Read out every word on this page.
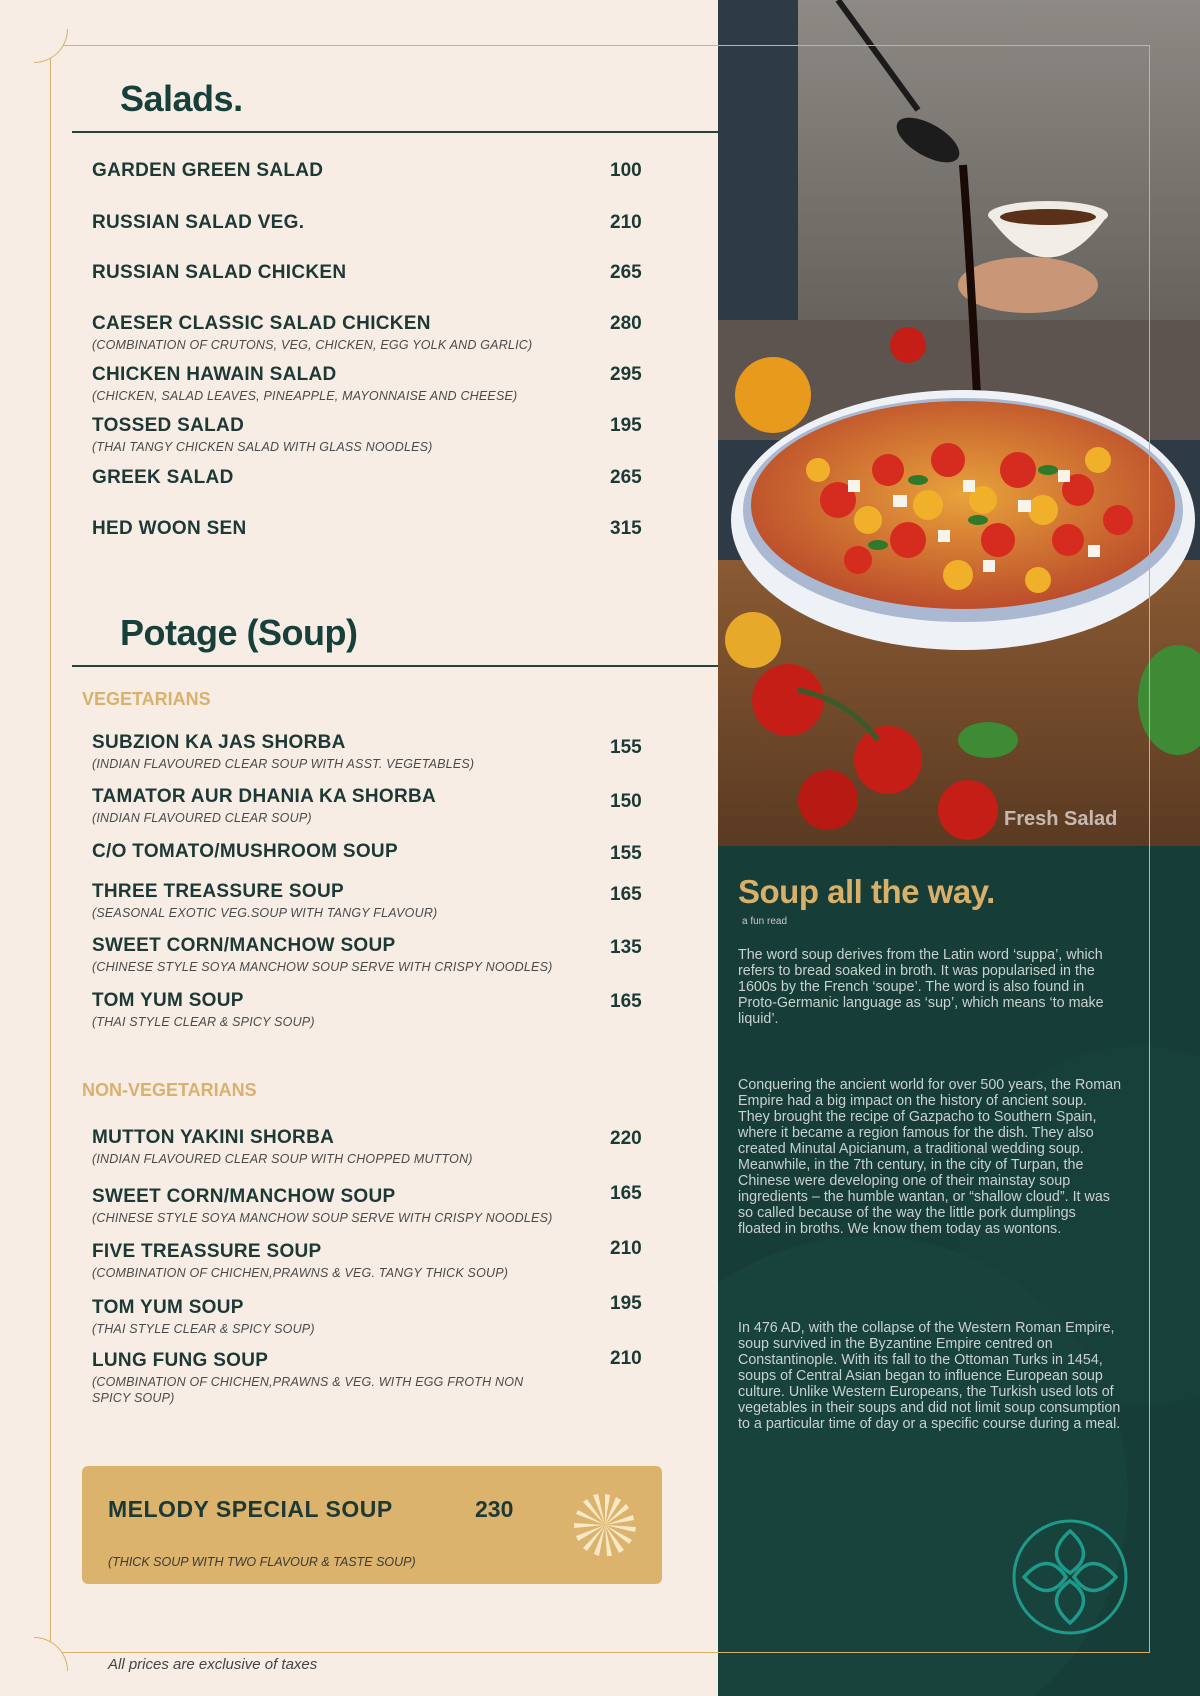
Fresh Salad
Soup all the way.
a fun read
The word soup derives from the Latin word ‘suppa’, which refers to bread soaked in broth. It was popularised in the 1600s by the French ‘soupe’. The word is also found in Proto-Germanic language as ‘sup’, which means ‘to make liquid’.
Conquering the ancient world for over 500 years, the Roman Empire had a big impact on the history of ancient soup. They brought the recipe of Gazpacho to Southern Spain, where it became a region famous for the dish. They also created Minutal Apicianum, a traditional wedding soup. Meanwhile, in the 7th century, in the city of Turpan, the Chinese were developing one of their mainstay soup ingredients – the humble wantan, or “shallow cloud”. It was so called because of the way the little pork dumplings floated in broths. We know them today as wontons.
In 476 AD, with the collapse of the Western Roman Empire, soup survived in the Byzantine Empire centred on Constantinople. With its fall to the Ottoman Turks in 1454, soups of Central Asian began to influence European soup culture. Unlike Western Europeans, the Turkish used lots of vegetables in their soups and did not limit soup consumption to a particular time of day or a specific course during a meal.
Salads.
GARDEN GREEN SALAD	100
RUSSIAN SALAD VEG.	210
RUSSIAN SALAD CHICKEN	265
CAESER CLASSIC SALAD CHICKEN
(COMBINATION OF CRUTONS, VEG, CHICKEN, EGG YOLK AND GARLIC)
280
CHICKEN HAWAIN SALAD
(CHICKEN, SALAD LEAVES, PINEAPPLE, MAYONNAISE AND CHEESE)
295
TOSSED SALAD
(THAI TANGY CHICKEN SALAD WITH GLASS NOODLES)
195
GREEK SALAD	265
HED WOON SEN	315
Potage (Soup)
VEGETARIANS
SUBZION KA JAS SHORBA
(INDIAN FLAVOURED CLEAR SOUP WITH ASST. VEGETABLES)
155
TAMATOR AUR DHANIA KA SHORBA
(INDIAN FLAVOURED CLEAR SOUP)
150
C/O TOMATO/MUSHROOM SOUP	155
THREE TREASSURE SOUP
(SEASONAL EXOTIC VEG.SOUP WITH TANGY FLAVOUR)
165
SWEET CORN/MANCHOW SOUP
(CHINESE STYLE SOYA MANCHOW SOUP SERVE WITH CRISPY NOODLES)
135
TOM YUM SOUP
(THAI STYLE CLEAR & SPICY SOUP)
165
NON-VEGETARIANS
MUTTON YAKINI SHORBA
(INDIAN FLAVOURED CLEAR SOUP WITH CHOPPED MUTTON)
220
SWEET CORN/MANCHOW SOUP
(CHINESE STYLE SOYA MANCHOW SOUP SERVE WITH CRISPY NOODLES)
165
FIVE TREASSURE SOUP
(COMBINATION OF CHICHEN,PRAWNS & VEG. TANGY THICK SOUP)
210
TOM YUM SOUP
(THAI STYLE CLEAR & SPICY SOUP)
195
LUNG FUNG SOUP
(COMBINATION OF CHICHEN,PRAWNS & VEG. WITH EGG FROTH NON SPICY SOUP)
210
MELODY SPECIAL SOUP	230
(THICK SOUP WITH TWO FLAVOUR & TASTE SOUP)
All prices are exclusive of taxes
